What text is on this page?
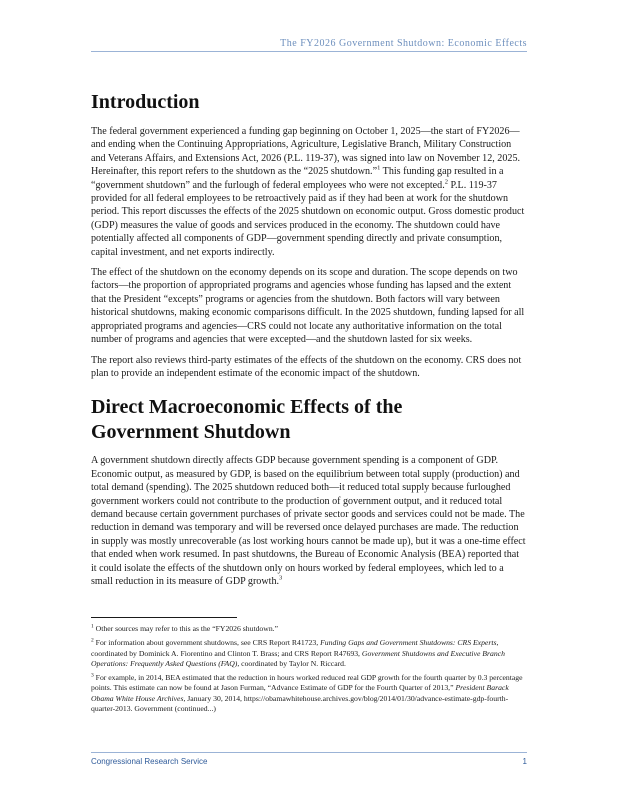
The FY2026 Government Shutdown: Economic Effects
Introduction

The federal government experienced a funding gap beginning on October 1, 2025—the start of FY2026—and ending when the Continuing Appropriations, Agriculture, Legislative Branch, Military Construction and Veterans Affairs, and Extensions Act, 2026 (P.L. 119-37), was signed into law on November 12, 2025. Hereinafter, this report refers to the shutdown as the “2025 shutdown.”$^1$ This funding gap resulted in a “government shutdown” and the furlough of federal employees who were not excepted.$^2$ P.L. 119-37 provided for all federal employees to be retroactively paid as if they had been at work for the shutdown period. This report discusses the effects of the 2025 shutdown on economic output. Gross domestic product (GDP) measures the value of goods and services produced in the economy. The shutdown could have potentially affected all components of GDP—government spending directly and private consumption, capital investment, and net exports indirectly.

The effect of the shutdown on the economy depends on its scope and duration. The scope depends on two factors—the proportion of appropriated programs and agencies whose funding has lapsed and the extent that the President “excepts” programs or agencies from the shutdown. Both factors will vary between historical shutdowns, making economic comparisons difficult. In the 2025 shutdown, funding lapsed for all appropriated programs and agencies—CRS could not locate any authoritative information on the total number of programs and agencies that were excepted—and the shutdown lasted for six weeks.

The report also reviews third-party estimates of the effects of the shutdown on the economy. CRS does not plan to provide an independent estimate of the economic impact of the shutdown.

Direct Macroeconomic Effects of the
Government Shutdown

A government shutdown directly affects GDP because government spending is a component of GDP. Economic output, as measured by GDP, is based on the equilibrium between total supply (production) and total demand (spending). The 2025 shutdown reduced both—it reduced total supply because furloughed government workers could not contribute to the production of government output, and it reduced total demand because certain government purchases of private sector goods and services could not be made. The reduction in demand was temporary and will be reversed once delayed purchases are made. The reduction in supply was mostly unrecoverable (as lost working hours cannot be made up), but it was a one-time effect that ended when work resumed. In past shutdowns, the Bureau of Economic Analysis (BEA) reported that it could isolate the effects of the shutdown only on hours worked by federal employees, which led to a small reduction in its measure of GDP growth.$^3$

$^1$ Other sources may refer to this as the “FY2026 shutdown.”

$^2$ For information about government shutdowns, see CRS Report R41723, Funding Gaps and Government Shutdowns: CRS Experts, coordinated by Dominick A. Fiorentino and Clinton T. Brass; and CRS Report R47693, Government Shutdowns and Executive Branch Operations: Frequently Asked Questions (FAQ), coordinated by Taylor N. Riccard.

$^3$ For example, in 2014, BEA estimated that the reduction in hours worked reduced real GDP growth for the fourth quarter by 0.3 percentage points. This estimate can now be found at Jason Furman, “Advance Estimate of GDP for the Fourth Quarter of 2013,” President Barack Obama White House Archives, January 30, 2014, https://obamawhitehouse.archives.gov/blog/2014/01/30/advance-estimate-gdp-fourth-quarter-2013. Government (continued...)

Congressional Research Service	1
